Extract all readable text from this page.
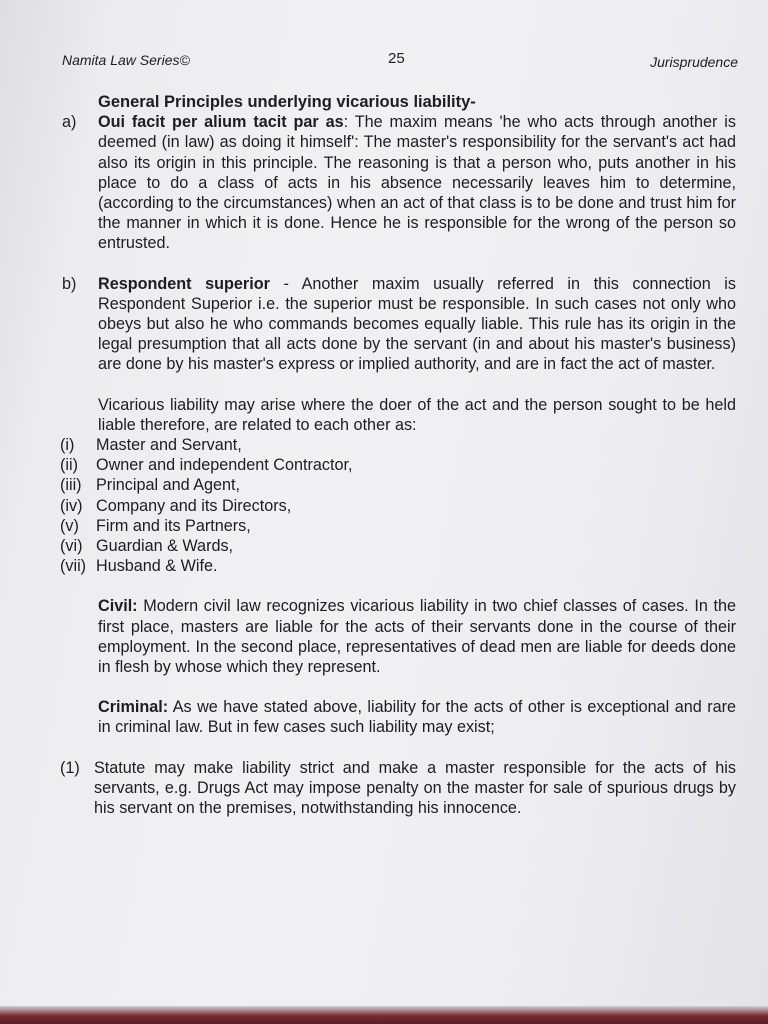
Namita Law Series©	25	Jurisprudence
General Principles underlying vicarious liability-
a) Oui facit per alium tacit par as: The maxim means 'he who acts through another is deemed (in law) as doing it himself': The master's responsibility for the servant's act had also its origin in this principle. The reasoning is that a person who, puts another in his place to do a class of acts in his absence necessarily leaves him to determine, (according to the circumstances) when an act of that class is to be done and trust him for the manner in which it is done. Hence he is responsible for the wrong of the person so entrusted.
b) Respondent superior - Another maxim usually referred in this connection is Respondent Superior i.e. the superior must be responsible. In such cases not only who obeys but also he who commands becomes equally liable. This rule has its origin in the legal presumption that all acts done by the servant (in and about his master's business) are done by his master's express or implied authority, and are in fact the act of master.
Vicarious liability may arise where the doer of the act and the person sought to be held liable therefore, are related to each other as:
(i) Master and Servant,
(ii) Owner and independent Contractor,
(iii) Principal and Agent,
(iv) Company and its Directors,
(v) Firm and its Partners,
(vi) Guardian & Wards,
(vii) Husband & Wife.
Civil: Modern civil law recognizes vicarious liability in two chief classes of cases. In the first place, masters are liable for the acts of their servants done in the course of their employment. In the second place, representatives of dead men are liable for deeds done in flesh by whose which they represent.
Criminal: As we have stated above, liability for the acts of other is exceptional and rare in criminal law. But in few cases such liability may exist;
(1) Statute may make liability strict and make a master responsible for the acts of his servants, e.g. Drugs Act may impose penalty on the master for sale of spurious drugs by his servant on the premises, notwithstanding his innocence.
